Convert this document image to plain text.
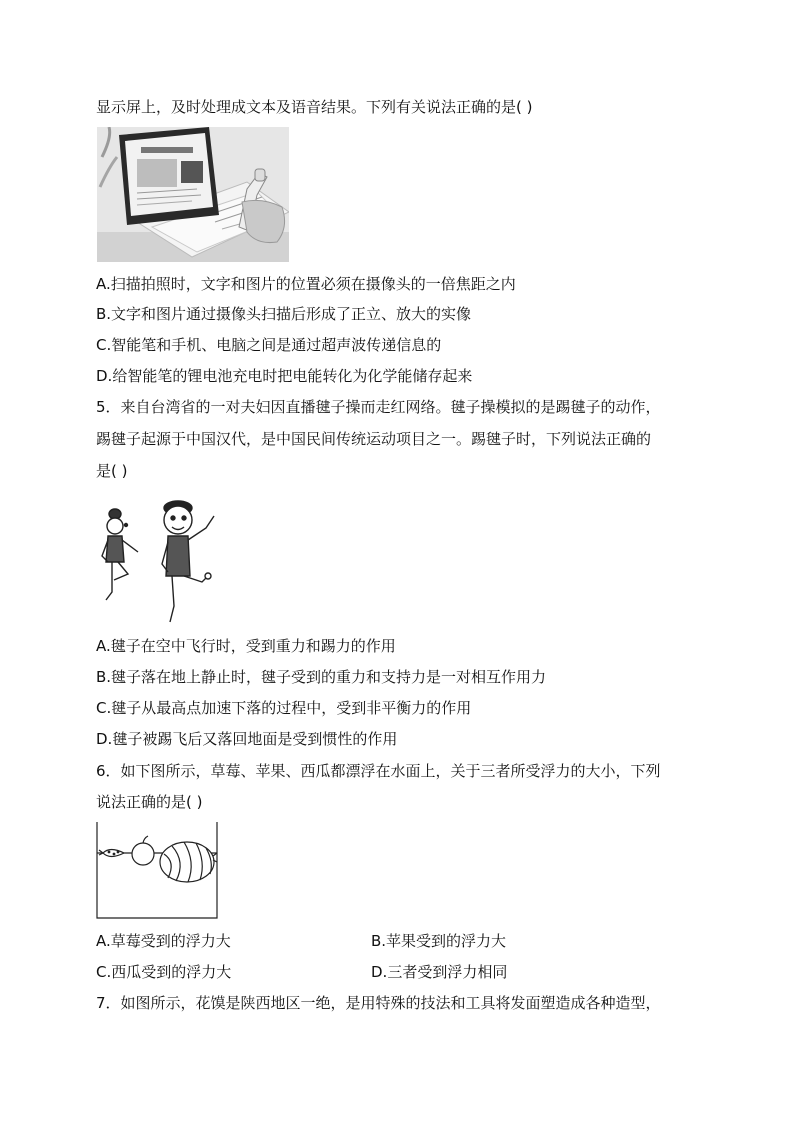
显示屏上，及时处理成文本及语音结果。下列有关说法正确的是( )
A.扫描拍照时，文字和图片的位置必须在摄像头的一倍焦距之内
B.文字和图片通过摄像头扫描后形成了正立、放大的实像
C.智能笔和手机、电脑之间是通过超声波传递信息的
D.给智能笔的锂电池充电时把电能转化为化学能储存起来
5．来自台湾省的一对夫妇因直播毽子操而走红网络。毽子操模拟的是踢毽子的动作，
踢毽子起源于中国汉代，是中国民间传统运动项目之一。踢毽子时，下列说法正确的
是( )
A.毽子在空中飞行时，受到重力和踢力的作用
B.毽子落在地上静止时，毽子受到的重力和支持力是一对相互作用力
C.毽子从最高点加速下落的过程中，受到非平衡力的作用
D.毽子被踢飞后又落回地面是受到惯性的作用
6．如下图所示，草莓、苹果、西瓜都漂浮在水面上，关于三者所受浮力的大小，下列
说法正确的是( )
A.草莓受到的浮力大	B.苹果受到的浮力大
C.西瓜受到的浮力大	D.三者受到浮力相同
7．如图所示，花馍是陕西地区一绝，是用特殊的技法和工具将发面塑造成各种造型，
